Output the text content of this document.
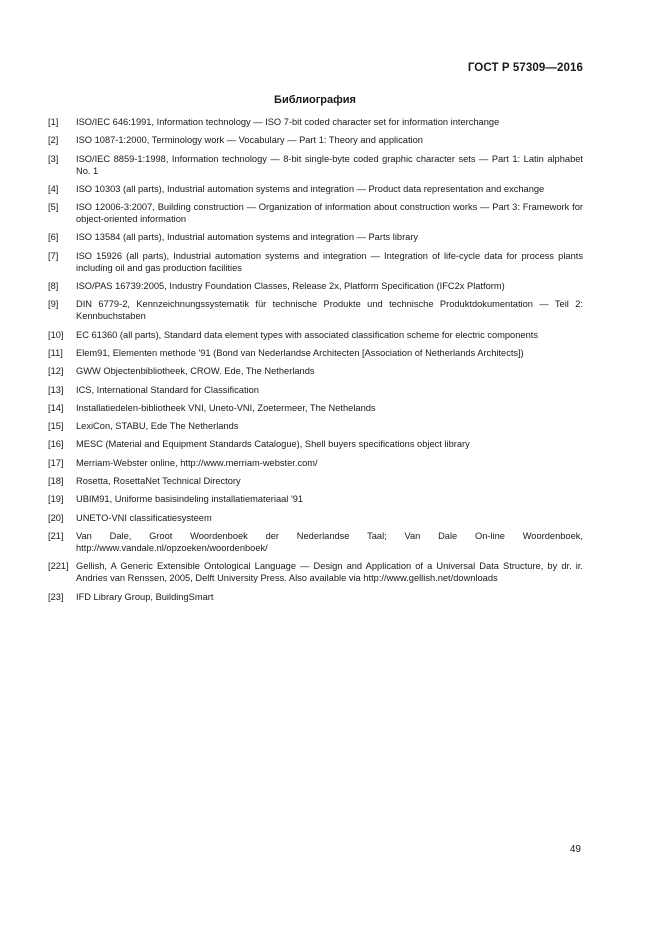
ГОСТ Р 57309—2016
Библиография
[1]	ISO/IEC 646:1991, Information technology — ISO 7-bit coded character set for information interchange
[2]	ISO 1087-1:2000, Terminology work — Vocabulary — Part 1: Theory and application
[3]	ISO/IEC 8859-1:1998, Information technology — 8-bit single-byte coded graphic character sets — Part 1: Latin alphabet No. 1
[4]	ISO 10303 (all parts), Industrial automation systems and integration — Product data representation and exchange
[5]	ISO 12006-3:2007, Building construction — Organization of information about construction works — Part 3: Framework for object-oriented information
[6]	ISO 13584 (all parts), Industrial automation systems and integration — Parts library
[7]	ISO 15926 (all parts), Industrial automation systems and integration — Integration of life-cycle data for process plants including oil and gas production facilities
[8]	ISO/PAS 16739:2005, Industry Foundation Classes, Release 2x, Platform Specification (IFC2x Platform)
[9]	DIN 6779-2, Kennzeichnungssystematik für technische Produkte und technische Produktdokumentation — Teil 2: Kennbuchstaben
[10]	EC 61360 (all parts), Standard data element types with associated classification scheme for electric components
[11]	Elem91, Elementen methode '91 (Bond van Nederlandse Architecten [Association of Netherlands Architects])
[12]	GWW Objectenbibliotheek, CROW. Ede, The Netherlands
[13]	ICS, International Standard for Classification
[14]	Installatiedelen-bibliotheek VNI, Uneto-VNI, Zoetermeer, The Nethelands
[15]	LexiCon, STABU, Ede The Netherlands
[16]	MESC (Material and Equipment Standards Catalogue), Shell buyers specifications object library
[17]	Merriam-Webster online, http://www.merriam-webster.com/
[18]	Rosetta, RosettaNet Technical Directory
[19]	UBIM91, Uniforme basisindeling installatiemateriaal '91
[20]	UNETO-VNI classificatiesysteem
[21]	Van Dale, Groot Woordenboek der Nederlandse Taal; Van Dale On-line Woordenboek, http://www.vandale.nl/opzoeken/woordenboek/
[221] Gellish, A Generic Extensible Ontological Language — Design and Application of a Universal Data Structure, by dr. ir. Andries van Renssen, 2005, Delft University Press. Also available via http://www.gellish.net/downloads
[23]	IFD Library Group, BuildingSmart
49
